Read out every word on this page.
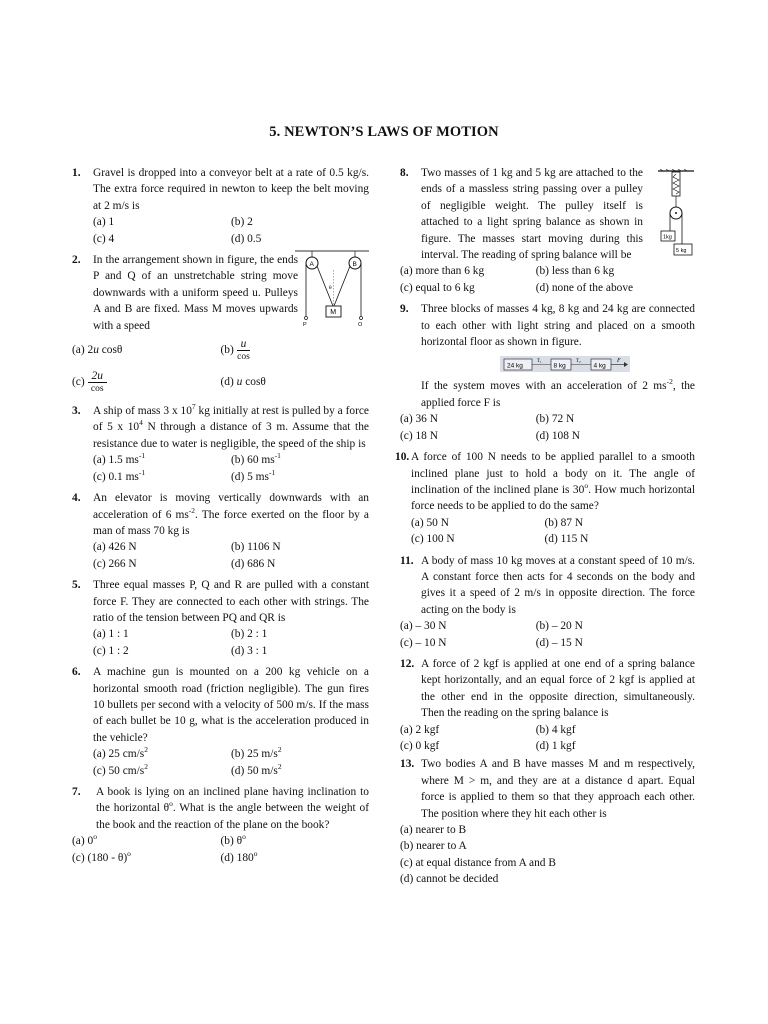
5. NEWTON’S LAWS OF MOTION
1. Gravel is dropped into a conveyor belt at a rate of 0.5 kg/s. The extra force required in newton to keep the belt moving at 2 m/s is
(a) 1	(b) 2
(c) 4	(d) 0.5
2. In the arrangement shown in figure, the ends P and Q of an unstretchable string move downwards with a uniform speed u. Pulleys A and B are fixed. Mass M moves upwards with a speed
A	B
θ
M
P	Q
(a) 2u cosθ	$(b) \frac{u}{\cos}$
$(c) \frac{2u}{\cos}$	(d) u cosθ
3. A ship of mass 3 x $10^7$ kg initially at rest is pulled by a force of 5 x $10^4$ N through a distance of 3 m. Assume that the resistance due to water is negligible, the speed of the ship is
(a) 1.5 $ms^{-1}$	(b) 60 $ms^{-1}$
(c) 0.1 $ms^{-1}$	(d) 5 $ms^{-1}$
4. An elevator is moving vertically downwards with an acceleration of 6 $ms^{-2}$. The force exerted on the floor by a man of mass 70 kg is
(a) 426 N	(b) 1106 N
(c) 266 N	(d) 686 N
5. Three equal masses P, Q and R are pulled with a constant force F. They are connected to each other with strings. The ratio of the tension between PQ and QR is
(a) 1 : 1	(b) 2 : 1
(c) 1 : 2	(d) 3 : 1
6. A machine gun is mounted on a 200 kg vehicle on a horizontal smooth road (friction negligible). The gun fires 10 bullets per second with a velocity of 500 m/s. If the mass of each bullet be 10 g, what is the acceleration produced in the vehicle?
(a) 25 $cm/s^2$	(b) 25 $m/s^2$
(c) 50 $cm/s^2$	(d) 50 $m/s^2$
7. A book is lying on an inclined plane having inclination to the horizontal $\theta^o$. What is the angle between the weight of the book and the reaction of the plane on the book?
(a) 0$^o$	(b) $\theta^o$
(c) (180 - θ)$^o$	(d) 180$^o$
8. Two masses of 1 kg and 5 kg are attached to the ends of a massless string passing over a pulley of negligible weight. The pulley itself is attached to a light spring balance as shown in figure. The masses start moving during this interval. The reading of spring balance will be
1kg
5 kg
(a) more than 6 kg	(b) less than 6 kg
(c) equal to 6 kg	(d) none of the above
9. Three blocks of masses 4 kg, 8 kg and 24 kg are connected to each other with light string and placed on a smooth horizontal floor as shown in figure.
24 kg
T₁
8 kg
T₂
4 kg
F
If the system moves with an acceleration of 2 $ms^{-2}$, the applied force F is
(a) 36 N	(b) 72 N
(c) 18 N	(d) 108 N
10. A force of 100 N needs to be applied parallel to a smooth inclined plane just to hold a body on it. The angle of inclination of the inclined plane is 30$^o$. How much horizontal force needs to be applied to do the same?
(a) 50 N	(b) 87 N
(c) 100 N	(d) 115 N
11. A body of mass 10 kg moves at a constant speed of 10 m/s. A constant force then acts for 4 seconds on the body and gives it a speed of 2 m/s in opposite direction. The force acting on the body is
(a) – 30 N	(b) – 20 N
(c) – 10 N	(d) – 15 N
12. A force of 2 kgf is applied at one end of a spring balance kept horizontally, and an equal force of 2 kgf is applied at the other end in the opposite direction, simultaneously. Then the reading on the spring balance is
(a) 2 kgf	(b) 4 kgf
(c) 0 kgf	(d) 1 kgf
13. Two bodies A and B have masses M and m respectively, where M > m, and they are at a distance d apart. Equal force is applied to them so that they approach each other. The position where they hit each other is
(a) nearer to B
(b) nearer to A
(c) at equal distance from A and B
(d) cannot be decided
